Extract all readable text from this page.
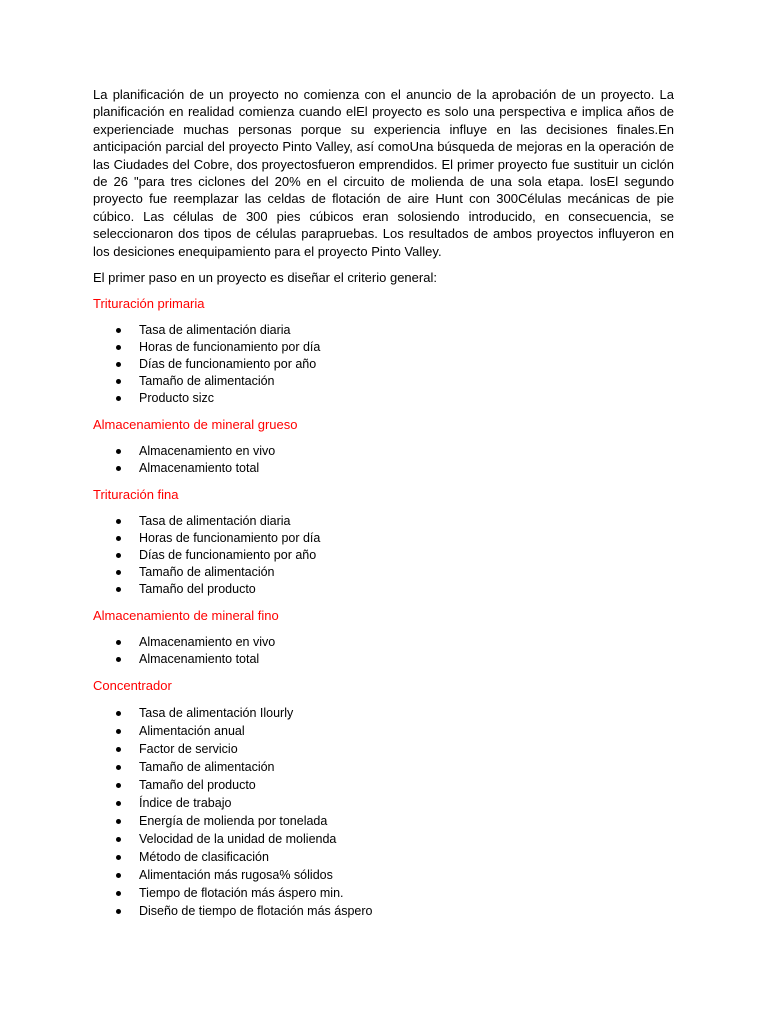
La planificación de un proyecto no comienza con el anuncio de la aprobación de un proyecto. La planificación en realidad comienza cuando elEl proyecto es solo una perspectiva e implica años de experienciade muchas personas porque su experiencia influye en las decisiones finales.En anticipación parcial del proyecto Pinto Valley, así comoUna búsqueda de mejoras en la operación de las Ciudades del Cobre, dos proyectosfueron emprendidos. El primer proyecto fue sustituir un ciclón de 26 "para tres ciclones del 20% en el circuito de molienda de una sola etapa. losEl segundo proyecto fue reemplazar las celdas de flotación de aire Hunt con 300Células mecánicas de pie cúbico. Las células de 300 pies cúbicos eran solosiendo introducido, en consecuencia, se seleccionaron dos tipos de células parapruebas. Los resultados de ambos proyectos influyeron en los desiciones enequipamiento para el proyecto Pinto Valley.

El primer paso en un proyecto es diseñar el criterio general:

Trituración primaria
Tasa de alimentación diaria
Horas de funcionamiento por día
Días de funcionamiento por año
Tamaño de alimentación
Producto sizc
Almacenamiento de mineral grueso
Almacenamiento en vivo
Almacenamiento total
Trituración fina
Tasa de alimentación diaria
Horas de funcionamiento por día
Días de funcionamiento por año
Tamaño de alimentación
Tamaño del producto
Almacenamiento de mineral fino
Almacenamiento en vivo
Almacenamiento total
Concentrador
Tasa de alimentación Ilourly
Alimentación anual
Factor de servicio
Tamaño de alimentación
Tamaño del producto
Índice de trabajo
Energía de molienda por tonelada
Velocidad de la unidad de molienda
Método de clasificación
Alimentación más rugosa% sólidos
Tiempo de flotación más áspero min.
Diseño de tiempo de flotación más áspero
